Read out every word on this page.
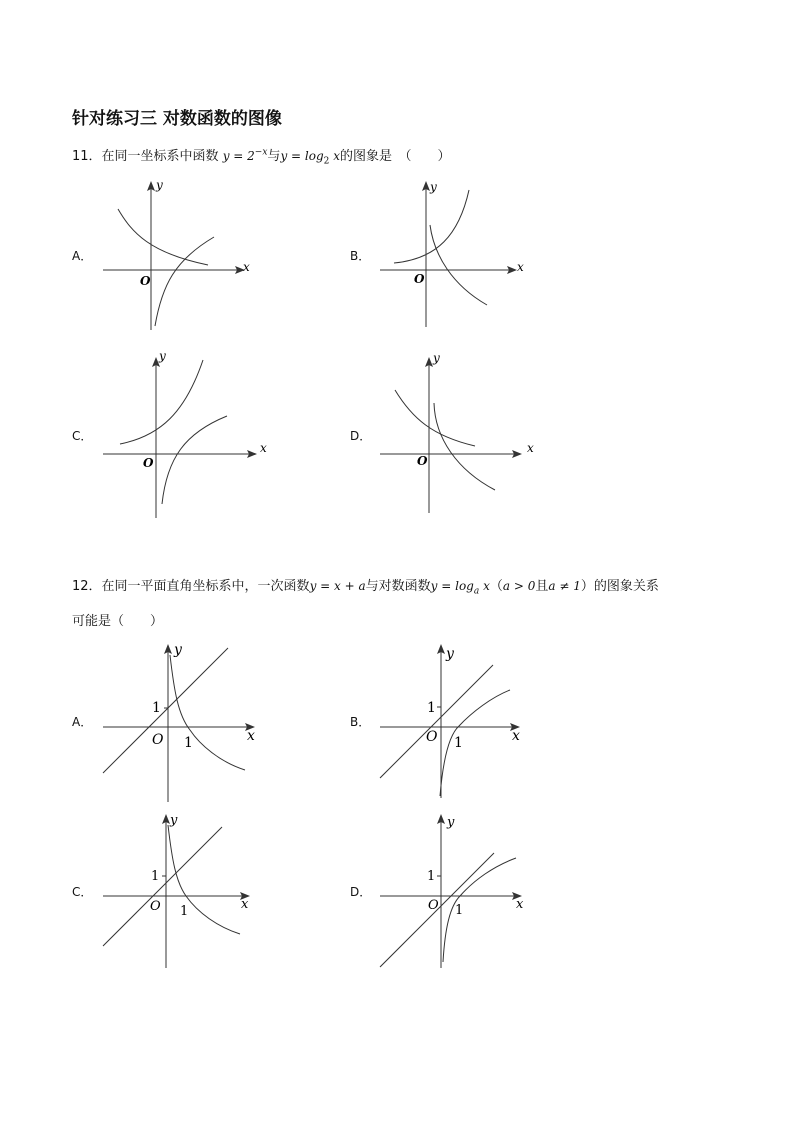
针对练习三 对数函数的图像
11．在同一坐标系中函数 $y = 2^{-x}$与$y = \log_2 x$的图象是　（　　）
A．	B．
C．	D．
x
y
O
x
y
O
x
y
O
x
y
O
12．在同一平面直角坐标系中，一次函数y = x + a与对数函数$y = \log_a x(a > 0$且a ≠ 1）的图象关系
可能是（　　）
A．	B．
C．	D．
x
y
O
1
1	x
y
O
1
1
x
y
O
1
1	x
y
O
1
1
